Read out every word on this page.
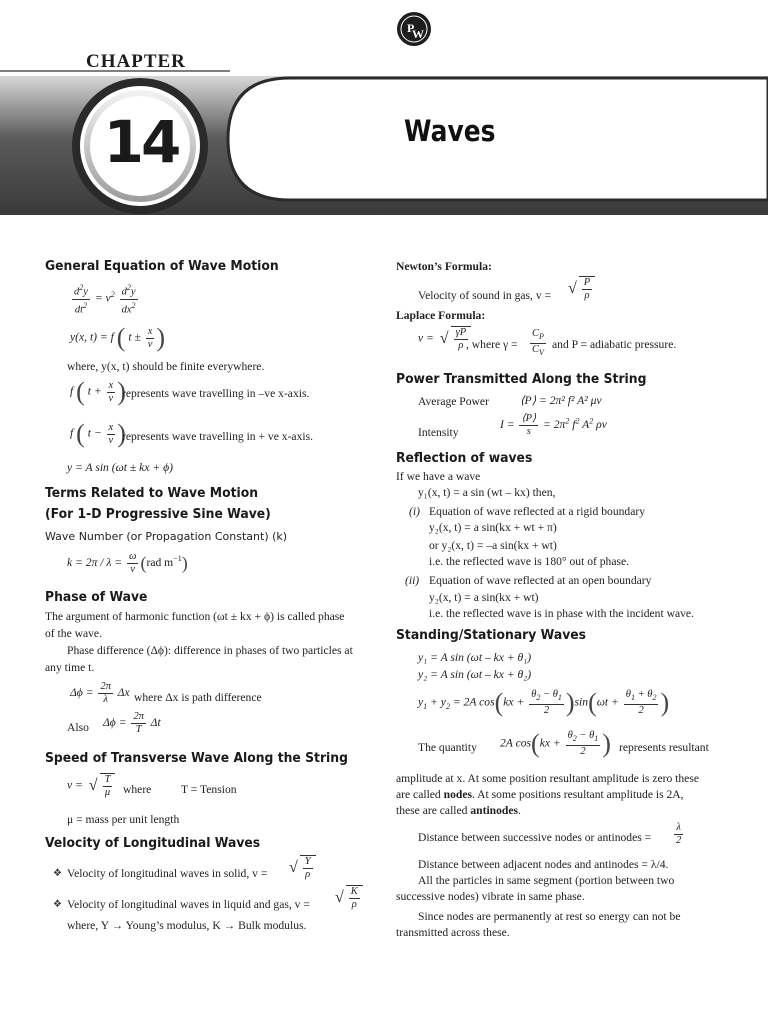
P
W
CHAPTER
14	Waves
General Equation of Wave Motion
$\frac{d^2y}{dt^2} = v^2 \frac{d^2y}{dx^2}$
y(x, t) = f ( $t \pm \frac{x}{v}$ )
where, y(x, t) should be finite everywhere.
f ( $t + \frac{x}{v}$ )
represents wave travelling in –ve x-axis.
f ( $t - \frac{x}{v}$ )
represents wave travelling in + ve x-axis.
y = A sin (ωt ± kx + ϕ)
Terms Related to Wave Motion
(For 1-D Progressive Sine Wave)
Wave Number (or Propagation Constant) (k)
$k = 2\pi / \lambda = \frac{\omega}{v} (rad$ $m^{-1}$)
Phase of Wave
The argument of harmonic function (ωt ± kx + ϕ) is called phase
of the wave.
Phase difference (Δϕ): difference in phases of two particles at
any time t.
$\Delta\phi = \frac{2\pi}{\lambda}$ Δx where Δx is path difference
Also $\Delta\phi = \frac{2\pi}{T}$ Δt
Speed of Transverse Wave Along the String
v = √ $\frac{T}{\mu}$ where	T = Tension
μ = mass per unit length
Velocity of Longitudinal Waves
❖ Velocity of longitudinal waves in solid, v = √ $\frac{Y}{\rho}$
❖ Velocity of longitudinal waves in liquid and gas, v = √ $\frac{K}{\rho}$
where, Y → Young’s modulus, K → Bulk modulus.
Newton’s Formula:
Velocity of sound in gas, v = √ $\frac{P}{\rho}$
Laplace Formula:
v = √ $\frac{\gamma P}{\rho}$
, where $\gamma = \frac{C_P}{C_V}$ and P = adiabatic pressure.
Power Transmitted Along the String
Average Power	⟨P⟩ = 2π² f² A² μv
Intensity
$I = \frac{⟨P⟩}{s} = 2\pi^2$ $f^2$ $A^2$ ρv
Reflection of waves
If we have a wave
y₁(x, t) = a sin (wt – kx) then,
(i) Equation of wave reflected at a rigid boundary
y₂(x, t) = a sin(kx + wt + π)
or y₂(x, t) = –a sin(kx + wt)
i.e. the reflected wave is 180° out of phase.
(ii) Equation of wave reflected at an open boundary
y₂(x, t) = a sin(kx + wt)
i.e. the reflected wave is in phase with the incident wave.
Standing/Stationary Waves
y₁ = A sin (ωt – kx + θ₁)
y₂ = A sin (ωt – kx + θ₂)
$y_1 + y_2 = 2A$ $\cos(kx + \frac{\theta_2 - \theta_1}{2} )\sin(\omega t + \frac{\theta_1 + \theta_2}{2}$ )
The quantity 2A $\cos(kx + \frac{\theta_2 - \theta_1}{2}$ ) represents resultant
amplitude at x. At some position resultant amplitude is zero these
are called nodes. At some positions resultant amplitude is 2A,
these are called antinodes.
Distance between successive nodes or antinodes = $\frac{\lambda}{2}$
Distance between adjacent nodes and antinodes = λ/4.
All the particles in same segment (portion between two
successive nodes) vibrate in same phase.
Since nodes are permanently at rest so energy can not be
transmitted across these.
